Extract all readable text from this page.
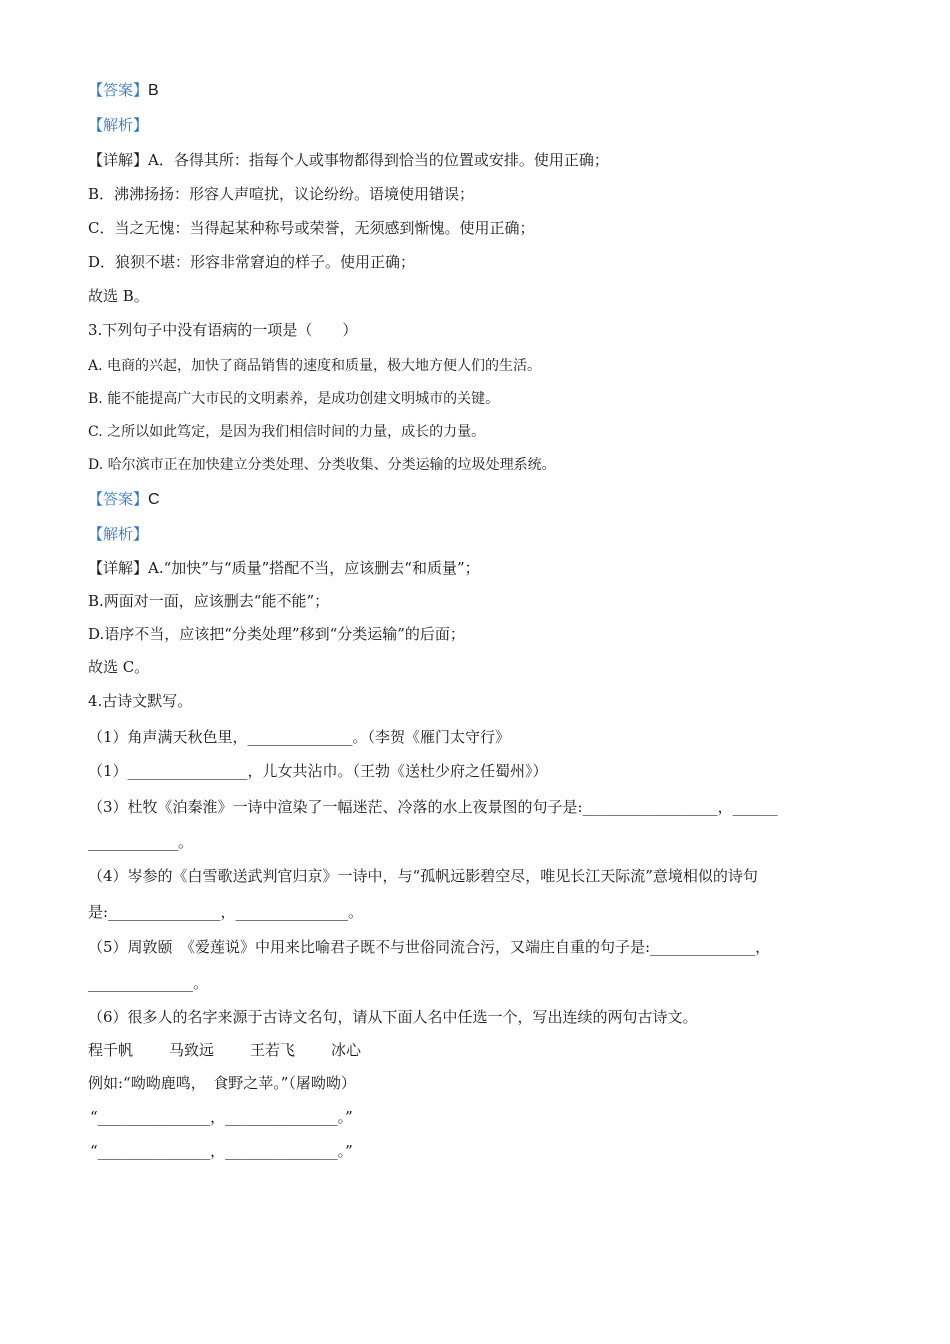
【答案】B
【解析】
【详解】A．各得其所：指每个人或事物都得到恰当的位置或安排。使用正确；
B．沸沸扬扬：形容人声喧扰，议论纷纷。语境使用错误；
C．当之无愧：当得起某种称号或荣誉，无须感到惭愧。使用正确；
D．狼狈不堪：形容非常窘迫的样子。使用正确；
故选 B。
3.下列句子中没有语病的一项是（　　）
A. 电商的兴起，加快了商品销售的速度和质量，极大地方便人们的生活。
B. 能不能提高广大市民的文明素养，是成功创建文明城市的关键。
C. 之所以如此笃定，是因为我们相信时间的力量，成长的力量。
D. 哈尔滨市正在加快建立分类处理、分类收集、分类运输的垃圾处理系统。
【答案】C
【解析】
【详解】A.“加快”与“质量”搭配不当，应该删去“和质量”；
B.两面对一面，应该删去“能不能”；
D.语序不当，应该把“分类处理”移到“分类运输”的后面；
故选 C。
4.古诗文默写。
（1）角声满天秋色里，______________。（李贺《雁门太守行》
（1）________________，儿女共沾巾。（王勃《送杜少府之任蜀州》）
（3）杜牧《泊秦淮》一诗中渲染了一幅迷茫、冷落的水上夜景图的句子是:__________________，______
____________。
（4）岑参的《白雪歌送武判官归京》一诗中，与“孤帆远影碧空尽，唯见长江天际流”意境相似的诗句
是:_______________，_______________。
（5）周敦颐　《爱莲说》中用来比喻君子既不与世俗同流合污，又端庄自重的句子是:______________，
______________。
（6）很多人的名字来源于古诗文名句，请从下面人名中任选一个，写出连续的两句古诗文。
程千帆 马致远 王若飞 冰心
例如:“呦呦鹿鸣，　食野之苹。”（屠呦呦）
“_______________，_______________。”
“_______________，_______________。”
